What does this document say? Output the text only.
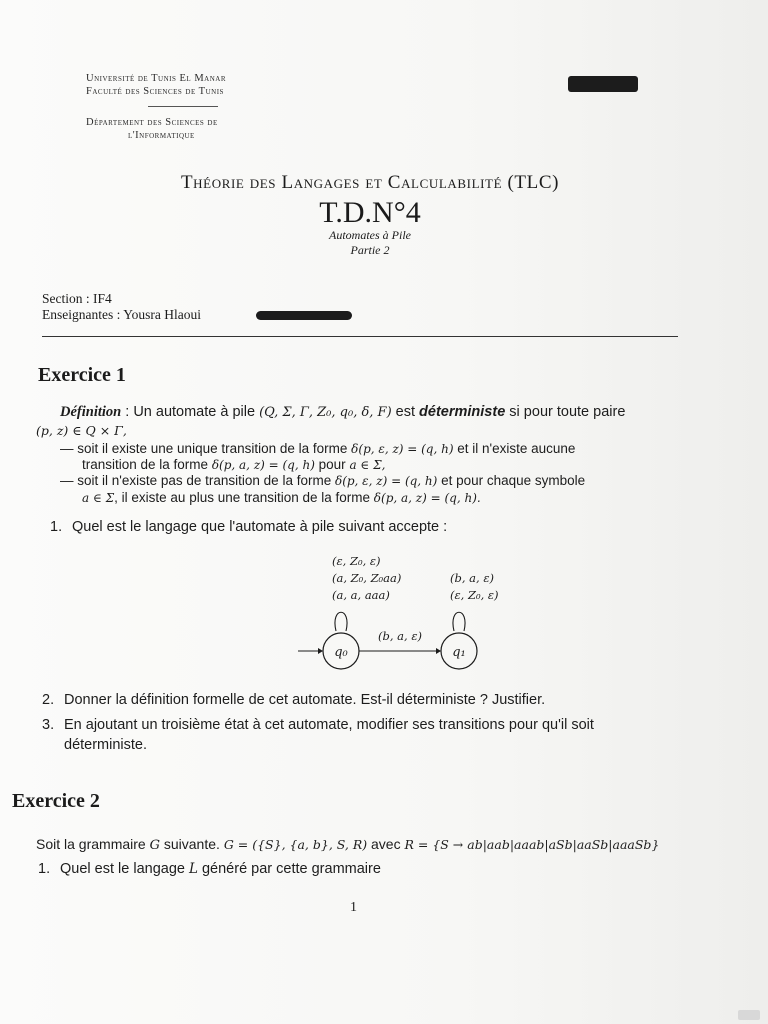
Université de Tunis El Manar
Faculté des Sciences de Tunis
Département des Sciences de
l'Informatique
Théorie des Langages et Calculabilité (TLC)
T.D.N°4
Automates à Pile
Partie 2
Section : IF4
Enseignantes : Yousra Hlaoui
Exercice 1
Définition : Un automate à pile (Q, Σ, Γ, Z₀, q₀, δ, F) est déterministe si pour toute paire
(p, z) ∈ Q × Γ,
— soit il existe une unique transition de la forme δ(p, ε, z) = (q, h) et il n'existe aucune
transition de la forme δ(p, a, z) = (q, h) pour a ∈ Σ,
— soit il n'existe pas de transition de la forme δ(p, ε, z) = (q, h) et pour chaque symbole
a ∈ Σ, il existe au plus une transition de la forme δ(p, a, z) = (q, h).
1. Quel est le langage que l'automate à pile suivant accepte :
(ε, Z₀, ε)
(a, Z₀, Z₀aa)
(a, a, aaa)
(b, a, ε)
(ε, Z₀, ε)
q₀	q₁
(b, a, ε)
2. Donner la définition formelle de cet automate. Est-il déterministe ? Justifier.
3. En ajoutant un troisième état à cet automate, modifier ses transitions pour qu'il soit
déterministe.
Exercice 2
Soit la grammaire G suivante. G = ({S}, {a, b}, S, R) avec R = {S → ab|aab|aaab|aSb|aaSb|aaaSb}
1. Quel est le langage L généré par cette grammaire
1
